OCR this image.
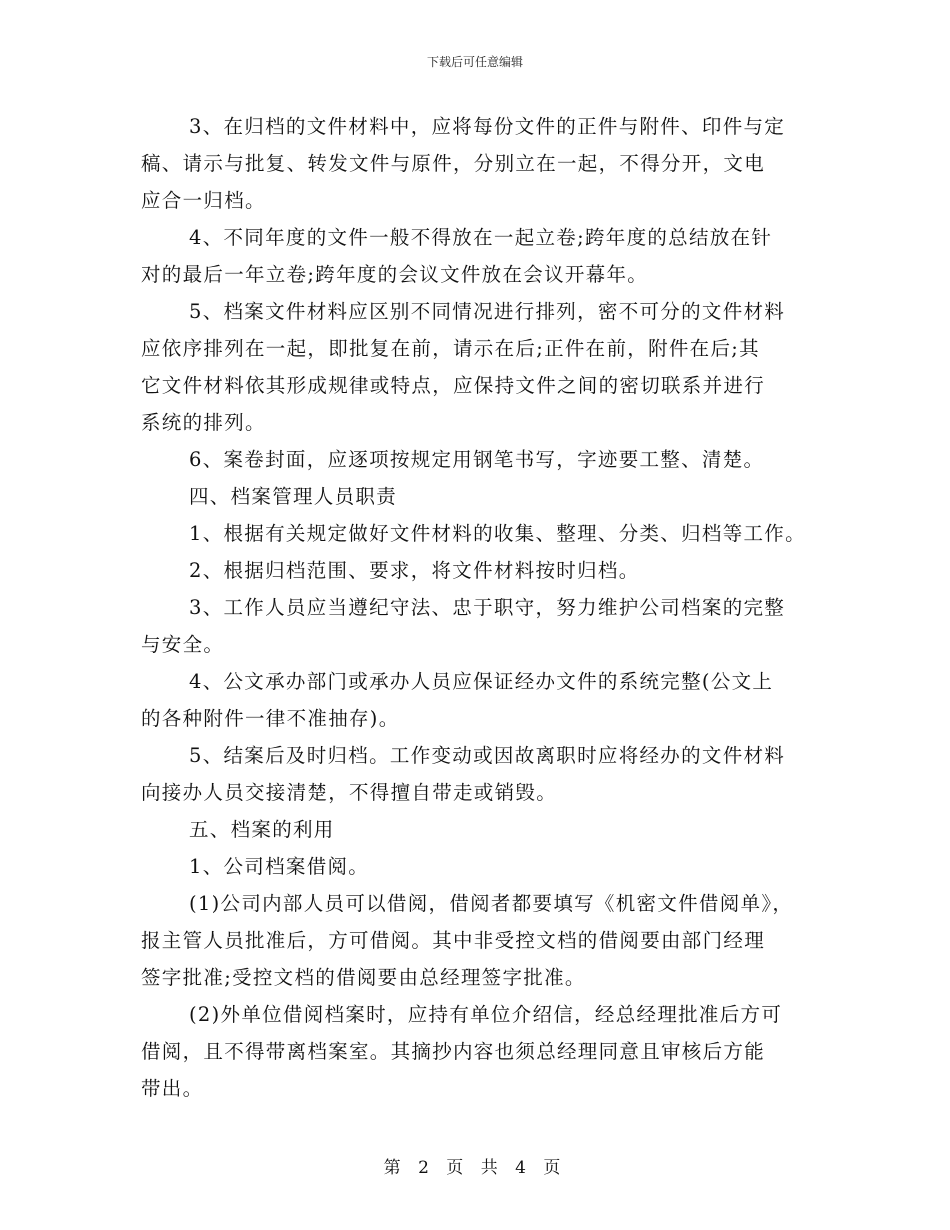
下载后可任意编辑

3、在归档的文件材料中，应将每份文件的正件与附件、印件与定
稿、请示与批复、转发文件与原件，分别立在一起，不得分开，文电
应合一归档。

4、不同年度的文件一般不得放在一起立卷;跨年度的总结放在针
对的最后一年立卷;跨年度的会议文件放在会议开幕年。

5、档案文件材料应区别不同情况进行排列，密不可分的文件材料
应依序排列在一起，即批复在前，请示在后;正件在前，附件在后;其
它文件材料依其形成规律或特点，应保持文件之间的密切联系并进行
系统的排列。

6、案卷封面，应逐项按规定用钢笔书写，字迹要工整、清楚。

四、档案管理人员职责

1、根据有关规定做好文件材料的收集、整理、分类、归档等工作。

2、根据归档范围、要求，将文件材料按时归档。

3、工作人员应当遵纪守法、忠于职守，努力维护公司档案的完整
与安全。

4、公文承办部门或承办人员应保证经办文件的系统完整(公文上
的各种附件一律不准抽存)。

5、结案后及时归档。工作变动或因故离职时应将经办的文件材料
向接办人员交接清楚，不得擅自带走或销毁。

五、档案的利用

1、公司档案借阅。

(1)公司内部人员可以借阅，借阅者都要填写《机密文件借阅单》，
报主管人员批准后，方可借阅。其中非受控文档的借阅要由部门经理
签字批准;受控文档的借阅要由总经理签字批准。

(2)外单位借阅档案时，应持有单位介绍信，经总经理批准后方可
借阅，且不得带离档案室。其摘抄内容也须总经理同意且审核后方能
带出。

第 2 页 共 4 页
